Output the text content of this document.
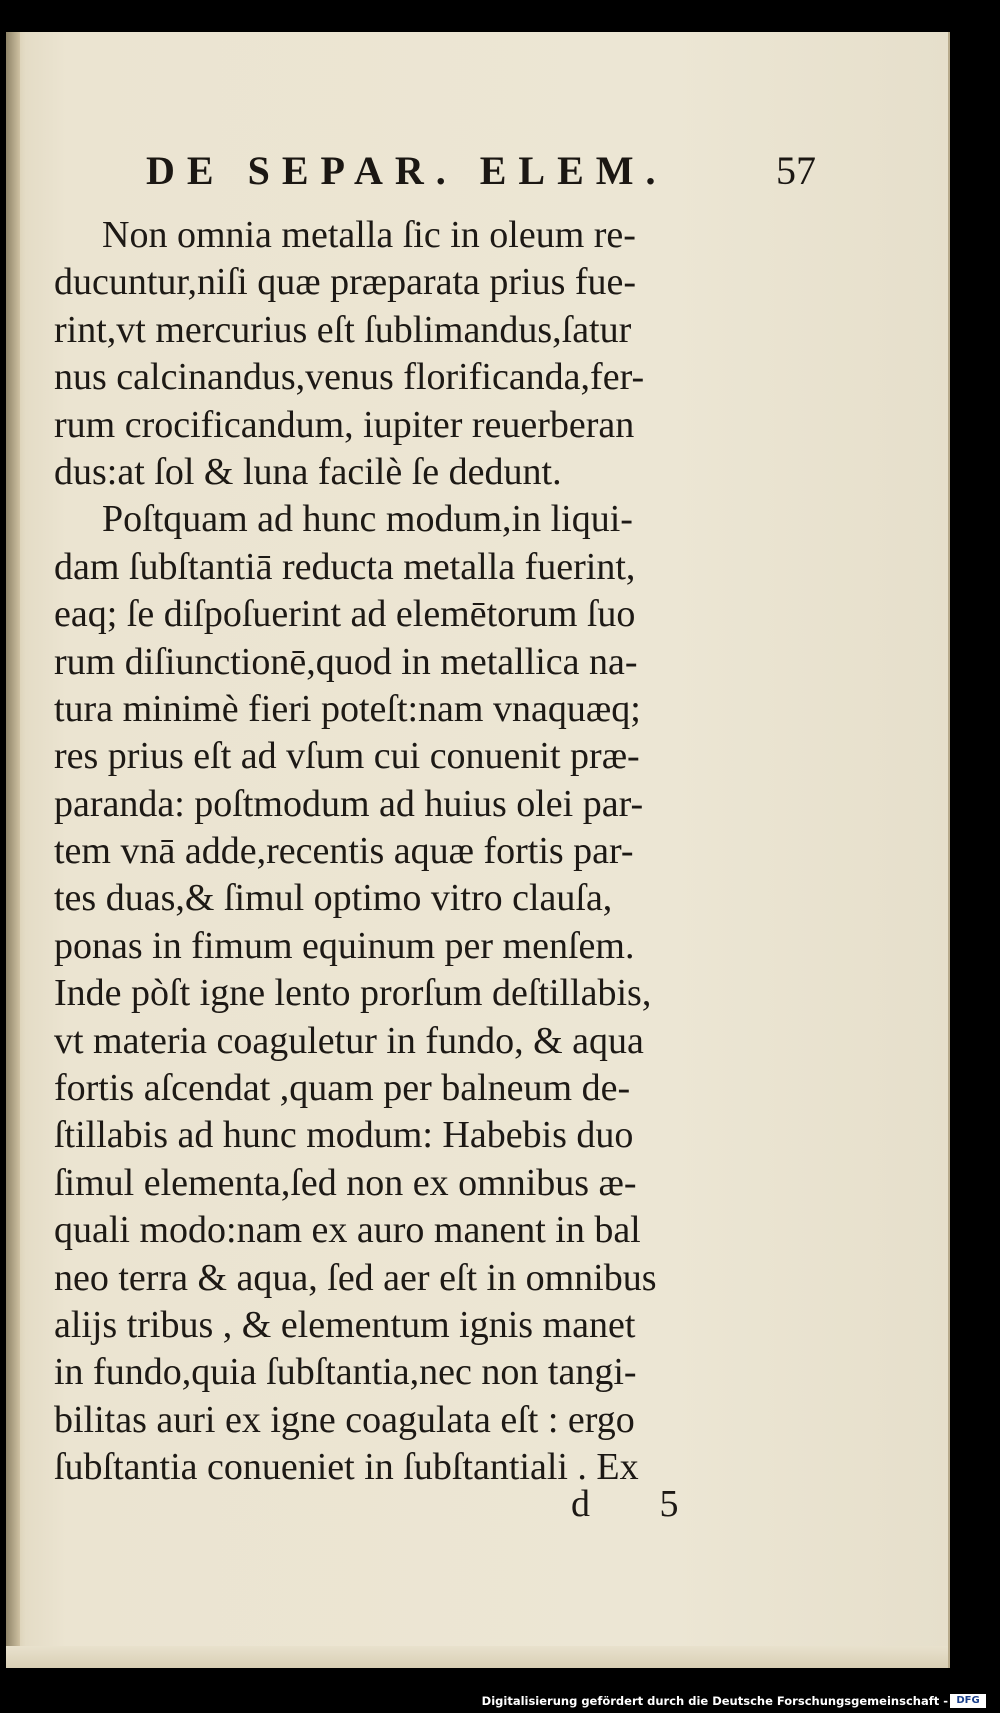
DE SEPAR. ELEM.	57
Non omnia metalla ſic in oleum re-
ducuntur,niſi quæ præparata prius fue-
rint,vt mercurius eſt ſublimandus,ſatur
nus calcinandus,venus florificanda,fer-
rum crocificandum, iupiter reuerberan
dus:at ſol & luna facilè ſe dedunt.
Poſtquam ad hunc modum,in liqui-
dam ſubſtantiā reducta metalla fuerint,
eaq; ſe diſpoſuerint ad elemētorum ſuo
rum diſiunctionē,quod in metallica na-
tura minimè fieri poteſt:nam vnaquæq;
res prius eſt ad vſum cui conuenit præ-
paranda: poſtmodum ad huius olei par-
tem vnā adde,recentis aquæ fortis par-
tes duas,& ſimul optimo vitro clauſa,
ponas in fimum equinum per menſem.
Inde pòſt igne lento prorſum deſtillabis,
vt materia coaguletur in fundo, & aqua
fortis aſcendat ,quam per balneum de-
ſtillabis ad hunc modum: Habebis duo
ſimul elementa,ſed non ex omnibus æ-
quali modo:nam ex auro manent in bal
neo terra & aqua, ſed aer eſt in omnibus
alĳs tribus , & elementum ignis manet
in fundo,quia ſubſtantia,nec non tangi-
bilitas auri ex igne coagulata eſt : ergo
ſubſtantia conueniet in ſubſtantiali . Ex
d 5
Digitalisierung gefördert durch die Deutsche Forschungsgemeinschaft - DFG
